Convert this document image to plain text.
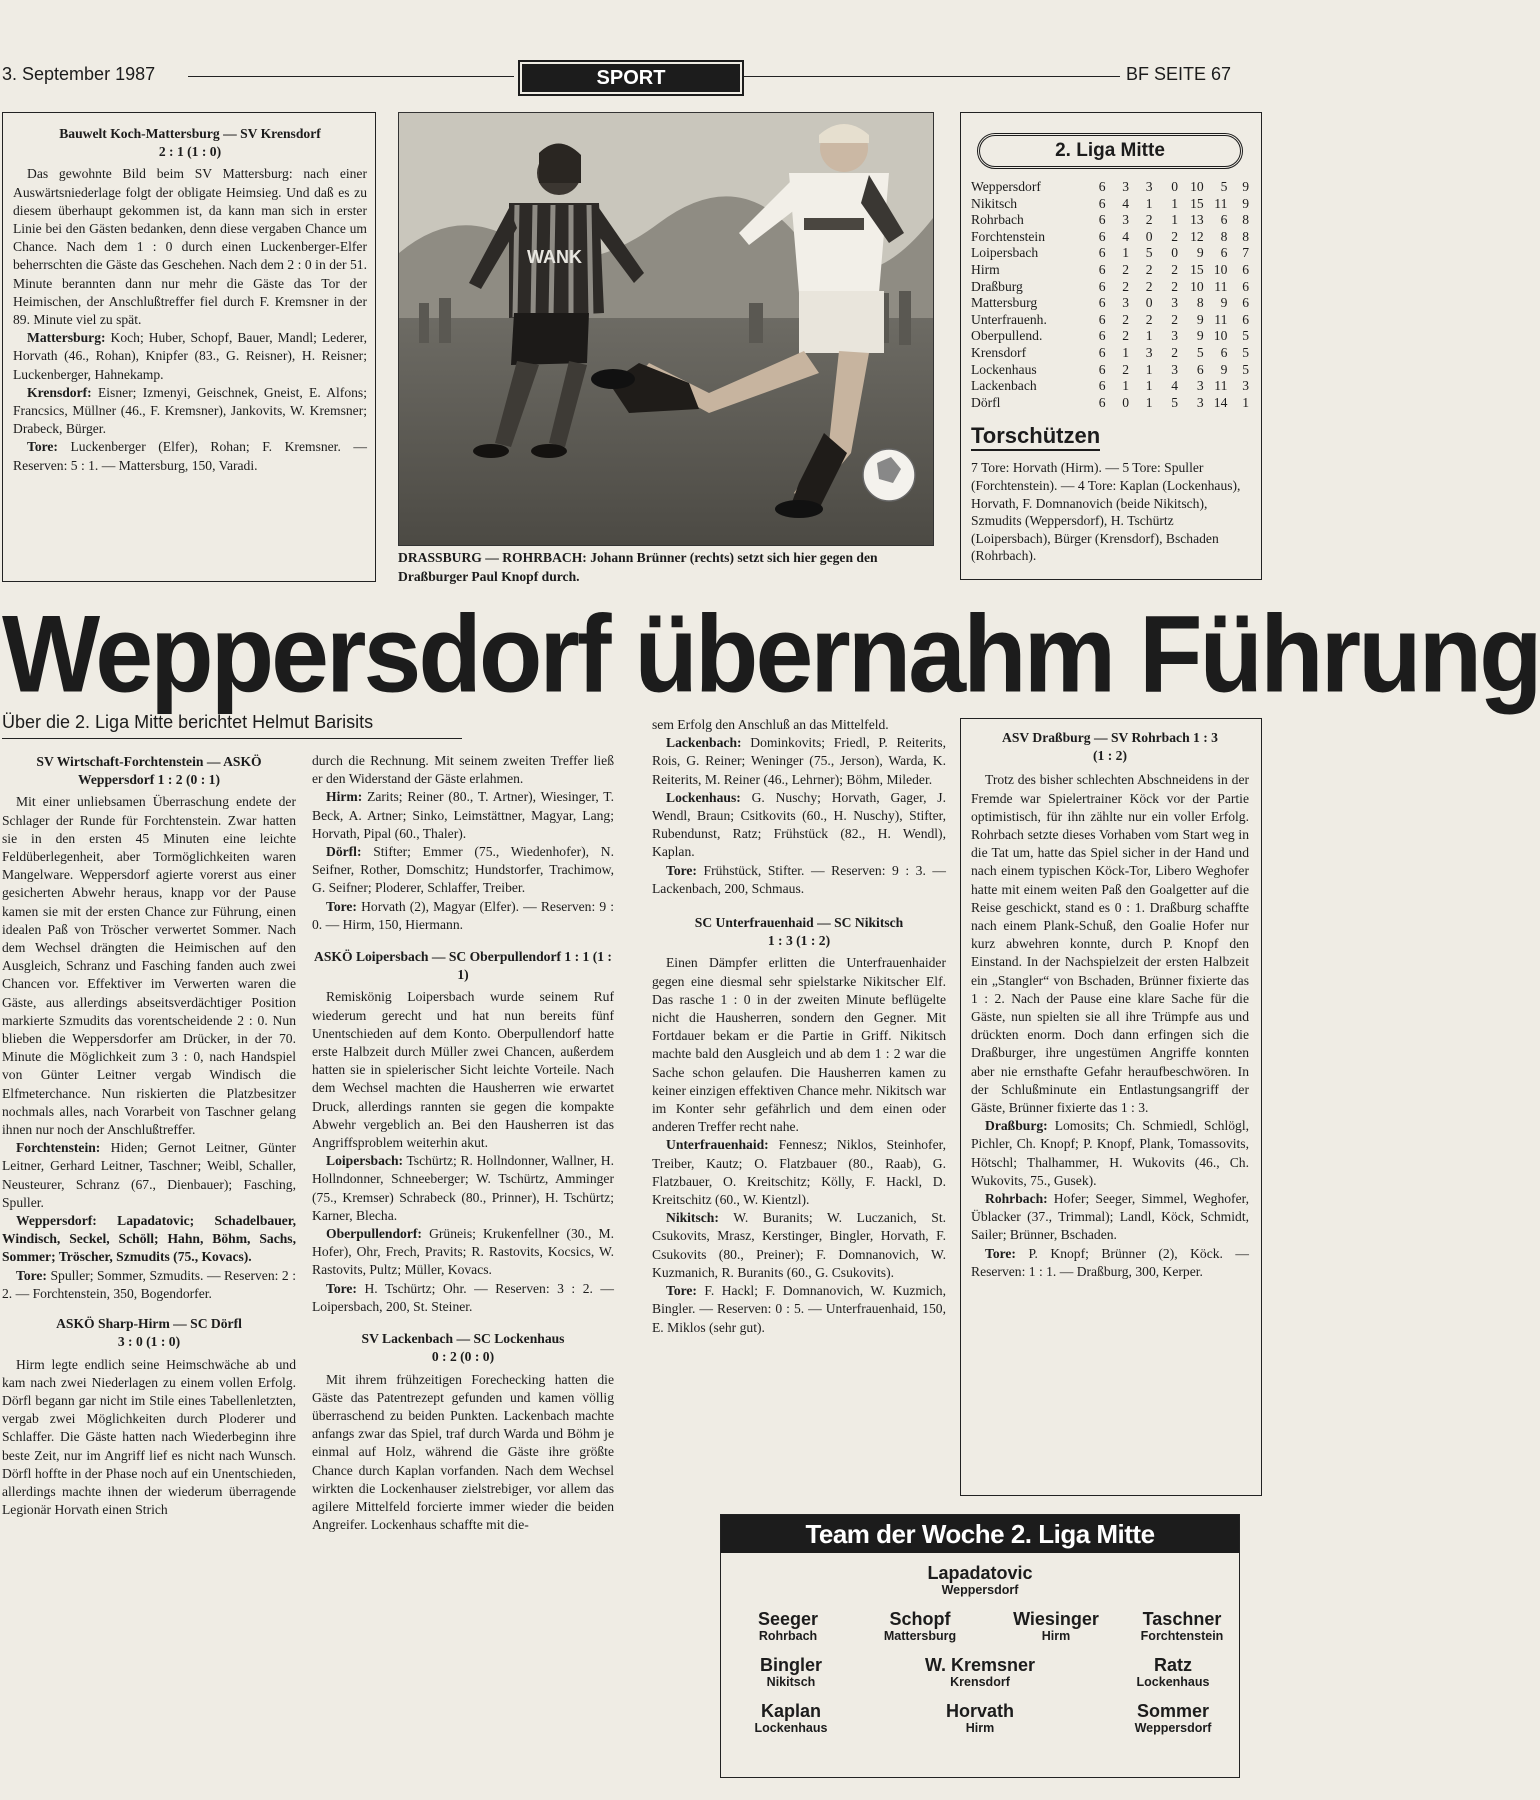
3. September 1987	SPORT	BF SEITE 67
Bauwelt Koch-Mattersburg — SV Krensdorf
2 : 1 (1 : 0)

Das gewohnte Bild beim SV Mattersburg: nach einer Auswärtsniederlage folgt der obligate Heimsieg. Und daß es zu diesem überhaupt gekommen ist, da kann man sich in erster Linie bei den Gästen bedanken, denn diese vergaben Chance um Chance. Nach dem 1 : 0 durch einen Luckenberger-Elfer beherrschten die Gäste das Geschehen. Nach dem 2 : 0 in der 51. Minute berannten dann nur mehr die Gäste das Tor der Heimischen, der Anschlußtreffer fiel durch F. Kremsner in der 89. Minute viel zu spät.

Mattersburg: Koch; Huber, Schopf, Bauer, Mandl; Lederer, Horvath (46., Rohan), Knipfer (83., G. Reisner), H. Reisner; Luckenberger, Hahnekamp.

Krensdorf: Eisner; Izmenyi, Geischnek, Gneist, E. Alfons; Francsics, Müllner (46., F. Kremsner), Jankovits, W. Kremsner; Drabeck, Bürger.

Tore: Luckenberger (Elfer), Rohan; F. Kremsner. — Reserven: 5 : 1. — Mattersburg, 150, Varadi.

WANK
DRASSBURG — ROHRBACH: Johann Brünner (rechts) setzt sich hier gegen den Draßburger Paul Knopf durch.
2. Liga Mitte
Weppersdorf	6	3	3	0	10	5	9
Nikitsch	6	4	1	1	15	11	9
Rohrbach	6	3	2	1	13	6	8
Forchtenstein	6	4	0	2	12	8	8
Loipersbach	6	1	5	0	9	6	7
Hirm	6	2	2	2	15	10	6
Draßburg	6	2	2	2	10	11	6
Mattersburg	6	3	0	3	8	9	6
Unterfrauenh.	6	2	2	2	9	11	6
Oberpullend.	6	2	1	3	9	10	5
Krensdorf	6	1	3	2	5	6	5
Lockenhaus	6	2	1	3	6	9	5
Lackenbach	6	1	1	4	3	11	3
Dörfl	6	0	1	5	3	14	1
Torschützen
7 Tore: Horvath (Hirm). — 5 Tore: Spuller (Forchtenstein). — 4 Tore: Kaplan (Lockenhaus), Horvath, F. Domnanovich (beide Nikitsch), Szmudits (Weppersdorf), H. Tschürtz (Loipersbach), Bürger (Krensdorf), Bschaden (Rohrbach).
Weppersdorf übernahm Führung
Über die 2. Liga Mitte berichtet Helmut Barisits
SV Wirtschaft-Forchtenstein — ASKÖ Weppersdorf 1 : 2 (0 : 1)

Mit einer unliebsamen Überraschung endete der Schlager der Runde für Forchtenstein. Zwar hatten sie in den ersten 45 Minuten eine leichte Feldüberlegenheit, aber Tormöglichkeiten waren Mangelware. Weppersdorf agierte vorerst aus einer gesicherten Abwehr heraus, knapp vor der Pause kamen sie mit der ersten Chance zur Führung, einen idealen Paß von Tröscher verwertet Sommer. Nach dem Wechsel drängten die Heimischen auf den Ausgleich, Schranz und Fasching fanden auch zwei Chancen vor. Effektiver im Verwerten waren die Gäste, aus allerdings abseitsverdächtiger Position markierte Szmudits das vorentscheidende 2 : 0. Nun blieben die Weppersdorfer am Drücker, in der 70. Minute die Möglichkeit zum 3 : 0, nach Handspiel von Günter Leitner vergab Windisch die Elfmeterchance. Nun riskierten die Platzbesitzer nochmals alles, nach Vorarbeit von Taschner gelang ihnen nur noch der Anschlußtreffer.

Forchtenstein: Hiden; Gernot Leitner, Günter Leitner, Gerhard Leitner, Taschner; Weibl, Schaller, Neusteurer, Schranz (67., Dienbauer); Fasching, Spuller.

Weppersdorf: Lapadatovic; Schadelbauer, Windisch, Seckel, Schöll; Hahn, Böhm, Sachs, Sommer; Tröscher, Szmudits (75., Kovacs).

Tore: Spuller; Sommer, Szmudits. — Reserven: 2 : 2. — Forchtenstein, 350, Bogendorfer.

ASKÖ Sharp-Hirm — SC Dörfl
3 : 0 (1 : 0)

Hirm legte endlich seine Heimschwäche ab und kam nach zwei Niederlagen zu einem vollen Erfolg. Dörfl begann gar nicht im Stile eines Tabellenletzten, vergab zwei Möglichkeiten durch Ploderer und Schlaffer. Die Gäste hatten nach Wiederbeginn ihre beste Zeit, nur im Angriff lief es nicht nach Wunsch. Dörfl hoffte in der Phase noch auf ein Unentschieden, allerdings machte ihnen der wiederum überragende Legionär Horvath einen Strich

durch die Rechnung. Mit seinem zweiten Treffer ließ er den Widerstand der Gäste erlahmen.

Hirm: Zarits; Reiner (80., T. Artner), Wiesinger, T. Beck, A. Artner; Sinko, Leimstättner, Magyar, Lang; Horvath, Pipal (60., Thaler).

Dörfl: Stifter; Emmer (75., Wiedenhofer), N. Seifner, Rother, Domschitz; Hundstorfer, Trachimow, G. Seifner; Ploderer, Schlaffer, Treiber.

Tore: Horvath (2), Magyar (Elfer). — Reserven: 9 : 0. — Hirm, 150, Hiermann.

ASKÖ Loipersbach — SC Oberpullendorf 1 : 1 (1 : 1)

Remiskönig Loipersbach wurde seinem Ruf wiederum gerecht und hat nun bereits fünf Unentschieden auf dem Konto. Oberpullendorf hatte erste Halbzeit durch Müller zwei Chancen, außerdem hatten sie in spielerischer Sicht leichte Vorteile. Nach dem Wechsel machten die Hausherren wie erwartet Druck, allerdings rannten sie gegen die kompakte Abwehr vergeblich an. Bei den Hausherren ist das Angriffsproblem weiterhin akut.

Loipersbach: Tschürtz; R. Hollndonner, Wallner, H. Hollndonner, Schneeberger; W. Tschürtz, Amminger (75., Kremser) Schrabeck (80., Prinner), H. Tschürtz; Karner, Blecha.

Oberpullendorf: Grüneis; Krukenfellner (30., M. Hofer), Ohr, Frech, Pravits; R. Rastovits, Kocsics, W. Rastovits, Pultz; Müller, Kovacs.

Tore: H. Tschürtz; Ohr. — Reserven: 3 : 2. — Loipersbach, 200, St. Steiner.

SV Lackenbach — SC Lockenhaus
0 : 2 (0 : 0)

Mit ihrem frühzeitigen Forechecking hatten die Gäste das Patentrezept gefunden und kamen völlig überraschend zu beiden Punkten. Lackenbach machte anfangs zwar das Spiel, traf durch Warda und Böhm je einmal auf Holz, während die Gäste ihre größte Chance durch Kaplan vorfanden. Nach dem Wechsel wirkten die Lockenhauser zielstrebiger, vor allem das agilere Mittelfeld forcierte immer wieder die beiden Angreifer. Lockenhaus schaffte mit die-

sem Erfolg den Anschluß an das Mittelfeld.

Lackenbach: Dominkovits; Friedl, P. Reiterits, Rois, G. Reiner; Weninger (75., Jerson), Warda, K. Reiterits, M. Reiner (46., Lehrner); Böhm, Mileder.

Lockenhaus: G. Nuschy; Horvath, Gager, J. Wendl, Braun; Csitkovits (60., H. Nuschy), Stifter, Rubendunst, Ratz; Frühstück (82., H. Wendl), Kaplan.

Tore: Frühstück, Stifter. — Reserven: 9 : 3. — Lackenbach, 200, Schmaus.

SC Unterfrauenhaid — SC Nikitsch
1 : 3 (1 : 2)

Einen Dämpfer erlitten die Unterfrauenhaider gegen eine diesmal sehr spielstarke Nikitscher Elf. Das rasche 1 : 0 in der zweiten Minute beflügelte nicht die Hausherren, sondern den Gegner. Mit Fortdauer bekam er die Partie in Griff. Nikitsch machte bald den Ausgleich und ab dem 1 : 2 war die Sache schon gelaufen. Die Hausherren kamen zu keiner einzigen effektiven Chance mehr. Nikitsch war im Konter sehr gefährlich und dem einen oder anderen Treffer recht nahe.

Unterfrauenhaid: Fennesz; Niklos, Steinhofer, Treiber, Kautz; O. Flatzbauer (80., Raab), G. Flatzbauer, O. Kreitschitz; Kölly, F. Hackl, D. Kreitschitz (60., W. Kientzl).

Nikitsch: W. Buranits; W. Luczanich, St. Csukovits, Mrasz, Kerstinger, Bingler, Horvath, F. Csukovits (80., Preiner); F. Domnanovich, W. Kuzmanich, R. Buranits (60., G. Csukovits).

Tore: F. Hackl; F. Domnanovich, W. Kuzmich, Bingler. — Reserven: 0 : 5. — Unterfrauenhaid, 150, E. Miklos (sehr gut).

ASV Draßburg — SV Rohrbach 1 : 3
(1 : 2)

Trotz des bisher schlechten Abschneidens in der Fremde war Spielertrainer Köck vor der Partie optimistisch, für ihn zählte nur ein voller Erfolg. Rohrbach setzte dieses Vorhaben vom Start weg in die Tat um, hatte das Spiel sicher in der Hand und nach einem typischen Köck-Tor, Libero Weghofer hatte mit einem weiten Paß den Goalgetter auf die Reise geschickt, stand es 0 : 1. Draßburg schaffte nach einem Plank-Schuß, den Goalie Hofer nur kurz abwehren konnte, durch P. Knopf den Einstand. In der Nachspielzeit der ersten Halbzeit ein „Stangler“ von Bschaden, Brünner fixierte das 1 : 2. Nach der Pause eine klare Sache für die Gäste, nun spielten sie all ihre Trümpfe aus und drückten enorm. Doch dann erfingen sich die Draßburger, ihre ungestümen Angriffe konnten aber nie ernsthafte Gefahr heraufbeschwören. In der Schlußminute ein Entlastungsangriff der Gäste, Brünner fixierte das 1 : 3.

Draßburg: Lomosits; Ch. Schmiedl, Schlögl, Pichler, Ch. Knopf; P. Knopf, Plank, Tomassovits, Hötschl; Thalhammer, H. Wukovits (46., Ch. Wukovits, 75., Gusek).

Rohrbach: Hofer; Seeger, Simmel, Weghofer, Üblacker (37., Trimmal); Landl, Köck, Schmidt, Sailer; Brünner, Bschaden.

Tore: P. Knopf; Brünner (2), Köck. — Reserven: 1 : 1. — Draßburg, 300, Kerper.

Team der Woche 2. Liga Mitte
Lapadatovic
Weppersdorf
Seeger
Rohrbach
Schopf
Mattersburg
Wiesinger
Hirm
Taschner
Forchtenstein
Bingler
Nikitsch
W. Kremsner
Krensdorf
Ratz
Lockenhaus
Kaplan
Lockenhaus
Horvath
Hirm
Sommer
Weppersdorf
